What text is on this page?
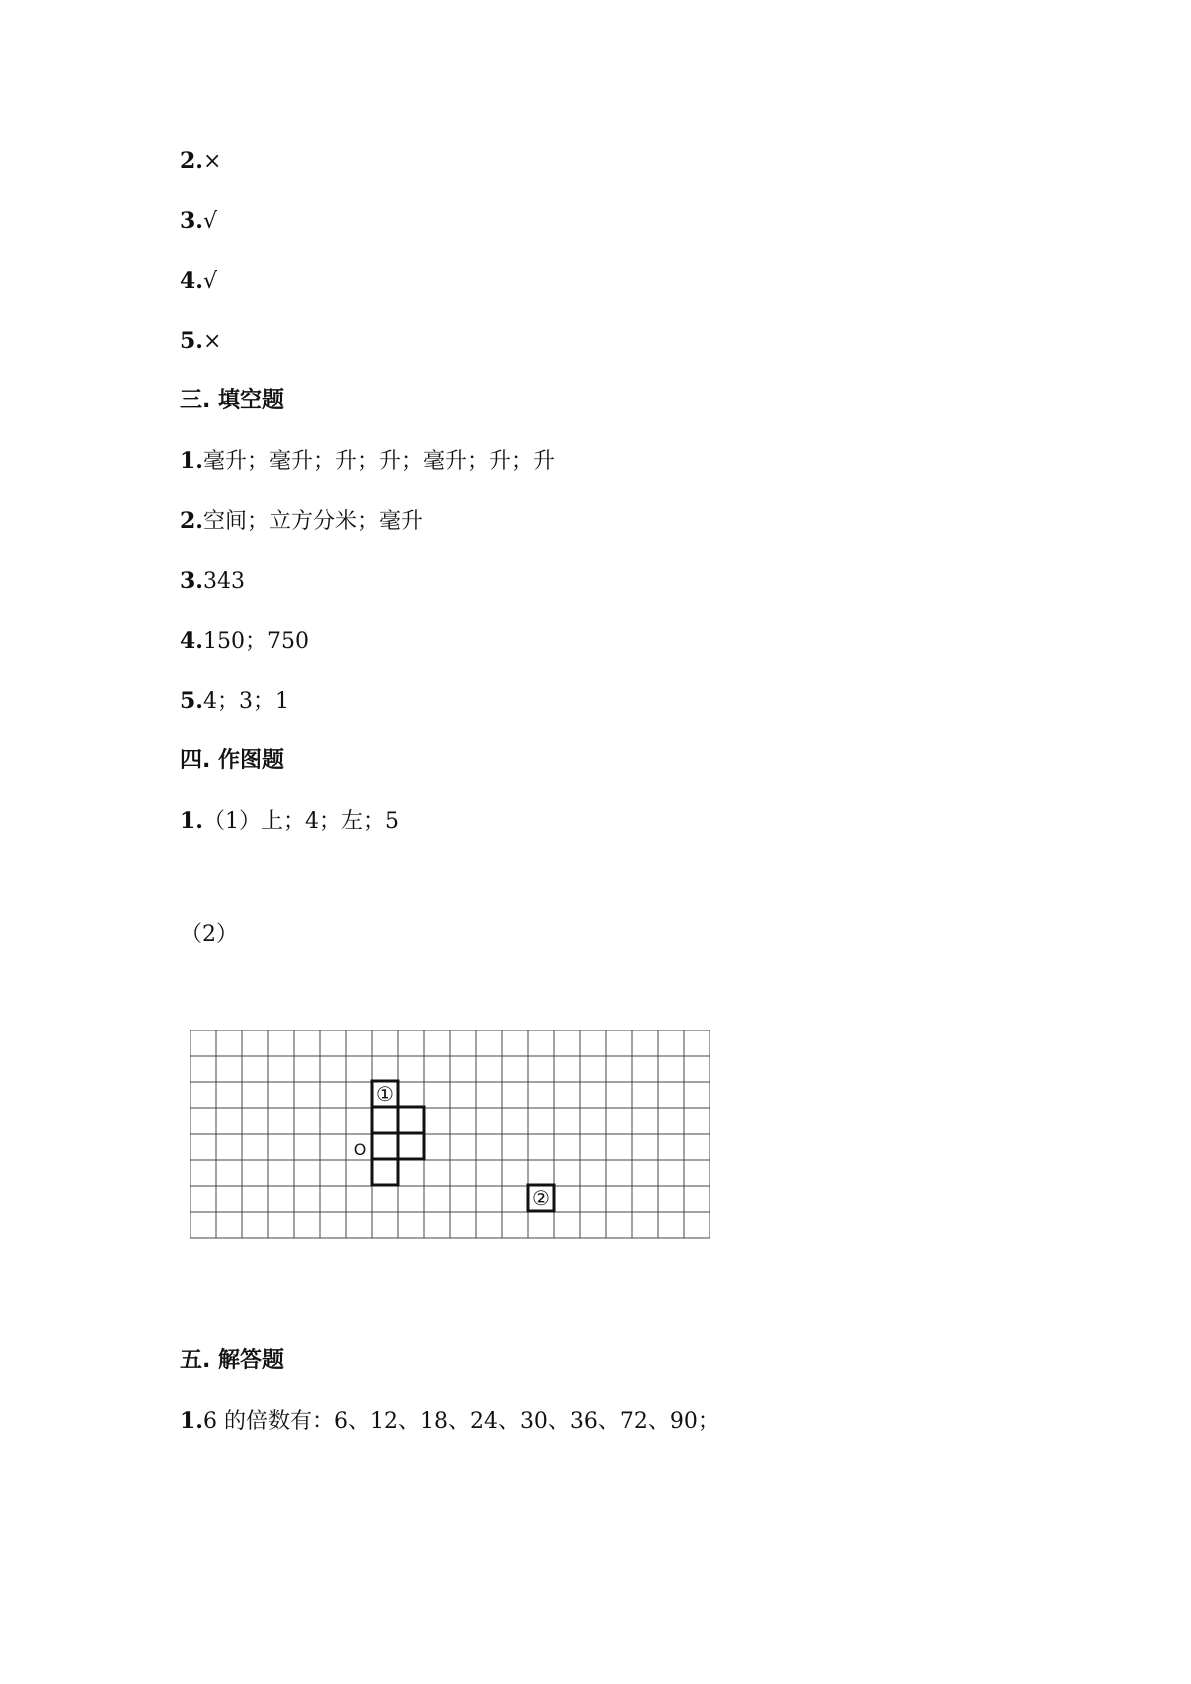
2.×
3.√
4.√
5.×
三. 填空题
1.毫升；毫升；升；升；毫升；升；升
2.空间；立方分米；毫升
3.343
4.150；750
5.4；3；1
四. 作图题
1.（1）上；4；左；5
（2）
①
O
②
五. 解答题
1.6 的倍数有：6、12、18、24、30、36、72、90；
